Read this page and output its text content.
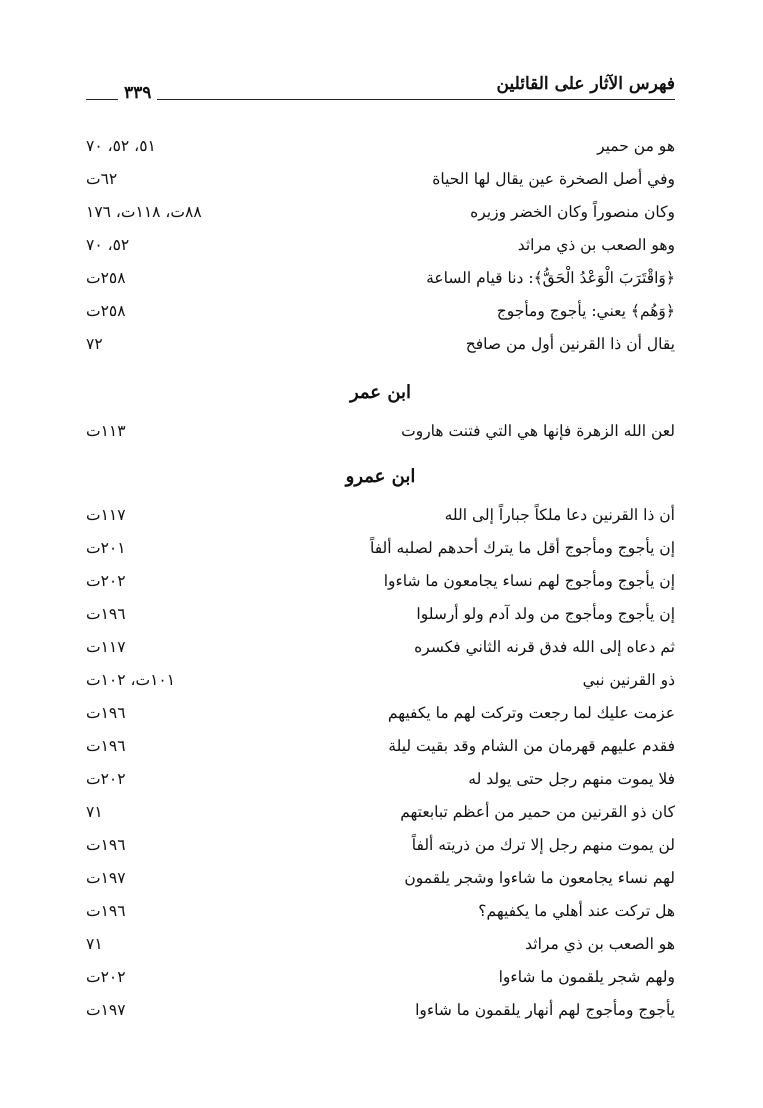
٣٣٩	فهرس الآثار على القائلين
هو من حمير
٥١، ٥٢، ٧٠
وفي أصل الصخرة عين يقال لها الحياة
٦٢ت
وكان منصوراً وكان الخضر وزيره
٨٨ت، ١١٨ت، ١٧٦
وهو الصعب بن ذي مراثد
٥٢، ٧٠
﴿وَاقْتَرَبَ الْوَعْدُ الْحَقُّ﴾: دنا قيام الساعة
٢٥٨ت
﴿وَهُم﴾ يعني: يأجوج ومأجوج
٢٥٨ت
يقال أن ذا القرنين أول من صافح
٧٢
ابن عمر
لعن الله الزهرة فإنها هي التي فتنت هاروت
١١٣ت
ابن عمرو
أن ذا القرنين دعا ملكاً جباراً إلى الله
١١٧ت
إن يأجوج ومأجوج أقل ما يترك أحدهم لصلبه ألفاً
٢٠١ت
إن يأجوج ومأجوج لهم نساء يجامعون ما شاءوا
٢٠٢ت
إن يأجوج ومأجوج من ولد آدم ولو أرسلوا
١٩٦ت
ثم دعاه إلى الله فدق قرنه الثاني فكسره
١١٧ت
ذو القرنين نبي
١٠١ت، ١٠٢ت
عزمت عليك لما رجعت وتركت لهم ما يكفيهم
١٩٦ت
فقدم عليهم قهرمان من الشام وقد بقيت ليلة
١٩٦ت
فلا يموت منهم رجل حتى يولد له
٢٠٢ت
كان ذو القرنين من حمير من أعظم تبابعتهم
٧١
لن يموت منهم رجل إلا ترك من ذريته ألفاً
١٩٦ت
لهم نساء يجامعون ما شاءوا وشجر يلقمون
١٩٧ت
هل تركت عند أهلي ما يكفيهم؟
١٩٦ت
هو الصعب بن ذي مراثد
٧١
ولهم شجر يلقمون ما شاءوا
٢٠٢ت
يأجوج ومأجوج لهم أنهار يلقمون ما شاءوا
١٩٧ت
